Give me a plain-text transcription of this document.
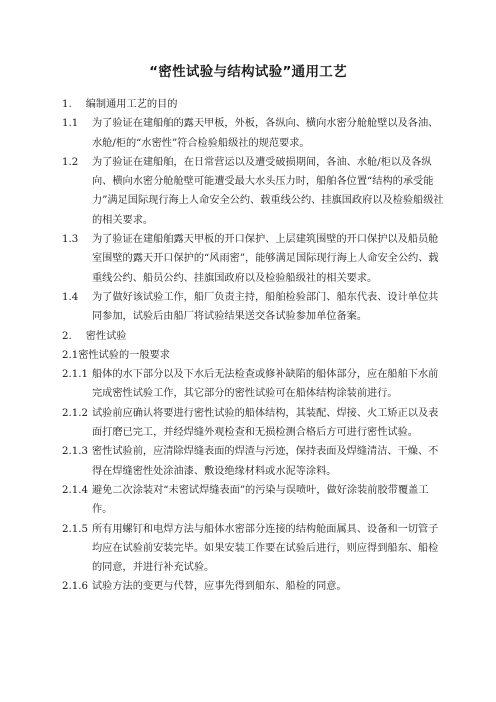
“密性试验与结构试验”通用工艺

1. 编制通用工艺的目的

1.1 为了验证在建船舶的露天甲板，外板，各纵向、横向水密分舱舱壁以及各油、水舱/柜的“水密性”符合检验船级社的规范要求。

1.2 为了验证在建船舶，在日常营运以及遭受破损期间，各油、水舱/柜以及各纵向、横向水密分舱舱壁可能遭受最大水头压力时，船舶各位置“结构的承受能力”满足国际现行海上人命安全公约、载重线公约、挂旗国政府以及检验船级社的相关要求。

1.3 为了验证在建船舶露天甲板的开口保护、上层建筑围壁的开口保护以及船员舱室围壁的露天开口保护的“风雨密”，能够满足国际现行海上人命安全公约、载重线公约、船员公约、挂旗国政府以及检验船级社的相关要求。

1.4 为了做好该试验工作，船厂负责主持，船舶检验部门、船东代表、设计单位共同参加，试验后由船厂将试验结果送交各试验参加单位备案。

2. 密性试验

2.1密性试验的一般要求

2.1.1 船体的水下部分以及下水后无法检查或修补缺陷的船体部分，应在船舶下水前完成密性试验工作，其它部分的密性试验可在船体结构涂装前进行。

2.1.2 试验前应确认将要进行密性试验的船体结构，其装配、焊接、火工矫正以及表面打磨已完工，并经焊缝外观检查和无损检测合格后方可进行密性试验。

2.1.3 密性试验前，应清除焊缝表面的焊渣与污迹，保持表面及焊缝清洁、干燥、不得在焊缝密性处涂油漆、敷设绝缘材料或水泥等涂料。

2.1.4 避免二次涂装对“未密试焊缝表面”的污染与误喷叶，做好涂装前胶带覆盖工作。

2.1.5 所有用螺钉和电焊方法与船体水密部分连接的结构舱面属具、设备和一切管子均应在试验前安装完毕。如果安装工作要在试验后进行，则应得到船东、船检的同意，并进行补充试验。

2.1.6 试验方法的变更与代替，应事先得到船东、船检的同意。
